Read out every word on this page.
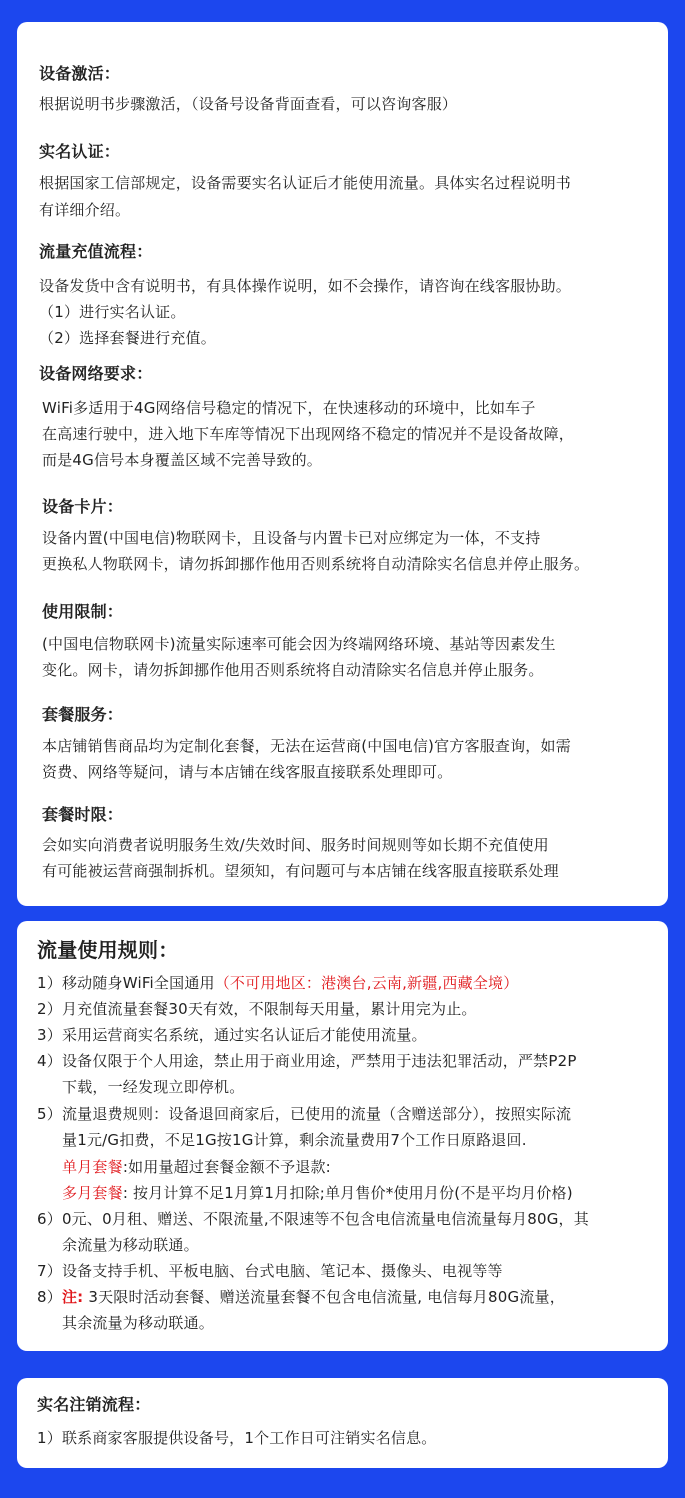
设备激活：
根据说明书步骤激活，（设备号设备背面查看，可以咨询客服）
实名认证：
根据国家工信部规定，设备需要实名认证后才能使用流量。具体实名过程说明书
有详细介绍。
流量充值流程：
设备发货中含有说明书，有具体操作说明，如不会操作，请咨询在线客服协助。
（1）进行实名认证。
（2）选择套餐进行充值。
设备网络要求：
WiFi多适用于4G网络信号稳定的情况下，在快速移动的环境中，比如车子
在高速行驶中，进入地下车库等情况下出现网络不稳定的情况并不是设备故障，
而是4G信号本身覆盖区域不完善导致的。
设备卡片：
设备内置(中国电信)物联网卡，且设备与内置卡已对应绑定为一体，不支持
更换私人物联网卡，请勿拆卸挪作他用否则系统将自动清除实名信息并停止服务。
使用限制：
(中国电信物联网卡)流量实际速率可能会因为终端网络环境、基站等因素发生
变化。网卡，请勿拆卸挪作他用否则系统将自动清除实名信息并停止服务。
套餐服务：
本店铺销售商品均为定制化套餐，无法在运营商(中国电信)官方客服查询，如需
资费、网络等疑问，请与本店铺在线客服直接联系处理即可。
套餐时限：
会如实向消费者说明服务生效/失效时间、服务时间规则等如长期不充值使用
有可能被运营商强制拆机。望须知，有问题可与本店铺在线客服直接联系处理
流量使用规则：
1）移动随身WiFi全国通用（不可用地区：港澳台,云南,新疆,西藏全境）
2）月充值流量套餐30天有效，不限制每天用量，累计用完为止。
3）采用运营商实名系统，通过实名认证后才能使用流量。
4）设备仅限于个人用途，禁止用于商业用途，严禁用于违法犯罪活动，严禁P2P
下载，一经发现立即停机。
5）流量退费规则：设备退回商家后，已使用的流量（含赠送部分），按照实际流
量1元/G扣费，不足1G按1G计算，剩余流量费用7个工作日原路退回.
单月套餐:如用量超过套餐金额不予退款:
多月套餐: 按月计算不足1月算1月扣除;单月售价*使用月份(不是平均月价格)
6）0元、0月租、赠送、不限流量,不限速等不包含电信流量电信流量每月80G，其
余流量为移动联通。
7）设备支持手机、平板电脑、台式电脑、笔记本、摄像头、电视等等
8）注: 3天限时活动套餐、赠送流量套餐不包含电信流量, 电信每月80G流量，
其余流量为移动联通。
实名注销流程：
1）联系商家客服提供设备号，1个工作日可注销实名信息。
